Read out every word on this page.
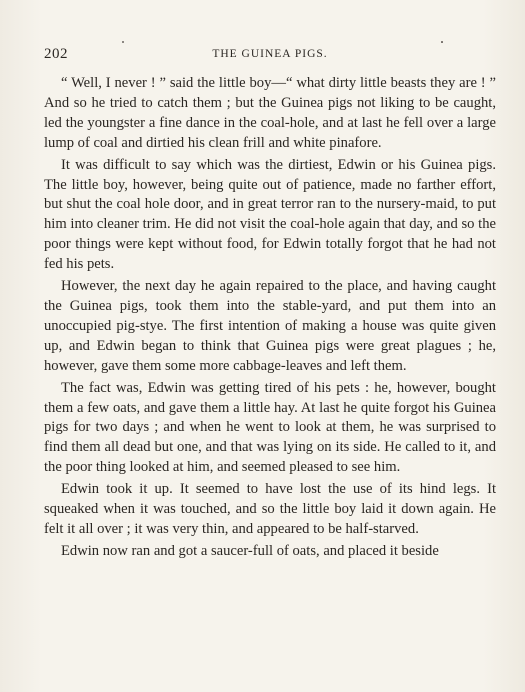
202	THE GUINEA PIGS.

“ Well, I never ! ” said the little boy—“ what dirty little beasts they are ! ” And so he tried to catch them ; but the Guinea pigs not liking to be caught, led the youngster a fine dance in the coal-hole, and at last he fell over a large lump of coal and dirtied his clean frill and white pinafore.

It was difficult to say which was the dirtiest, Edwin or his Guinea pigs. The little boy, however, being quite out of patience, made no farther effort, but shut the coal hole door, and in great terror ran to the nursery-maid, to put him into cleaner trim. He did not visit the coal-hole again that day, and so the poor things were kept without food, for Edwin totally forgot that he had not fed his pets.

However, the next day he again repaired to the place, and having caught the Guinea pigs, took them into the stable-yard, and put them into an unoccupied pig-stye. The first intention of making a house was quite given up, and Edwin began to think that Guinea pigs were great plagues ; he, however, gave them some more cabbage-leaves and left them.

The fact was, Edwin was getting tired of his pets : he, however, bought them a few oats, and gave them a little hay. At last he quite forgot his Guinea pigs for two days ; and when he went to look at them, he was surprised to find them all dead but one, and that was lying on its side. He called to it, and the poor thing looked at him, and seemed pleased to see him.

Edwin took it up. It seemed to have lost the use of its hind legs. It squeaked when it was touched, and so the little boy laid it down again. He felt it all over ; it was very thin, and appeared to be half-starved.

Edwin now ran and got a saucer-full of oats, and placed it beside
